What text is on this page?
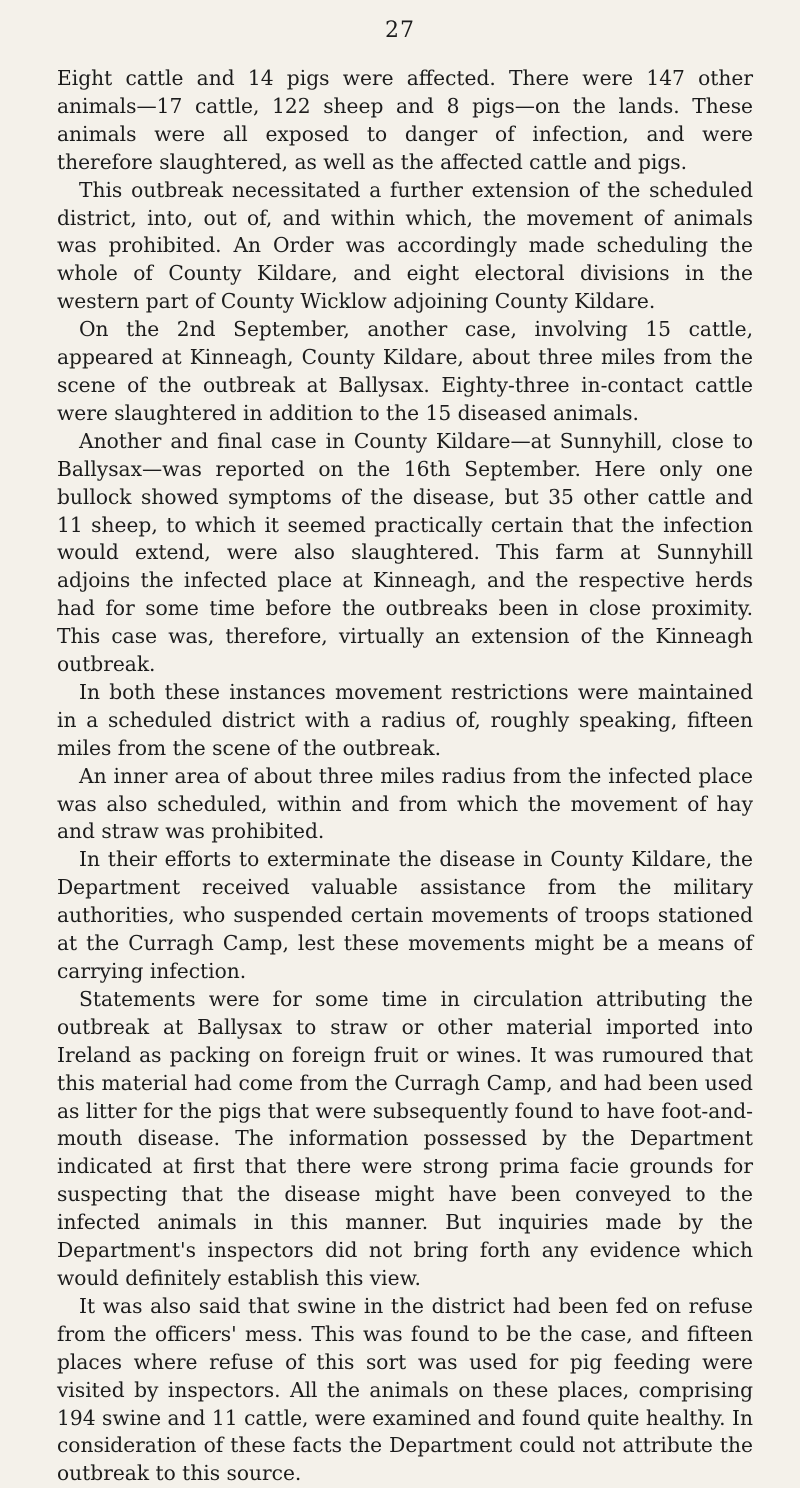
27

Eight cattle and 14 pigs were affected. There were 147 other animals—17 cattle, 122 sheep and 8 pigs—on the lands. These animals were all exposed to danger of infection, and were therefore slaughtered, as well as the affected cattle and pigs.

This outbreak necessitated a further extension of the scheduled district, into, out of, and within which, the movement of animals was prohibited. An Order was accordingly made scheduling the whole of County Kildare, and eight electoral divisions in the western part of County Wicklow adjoining County Kildare.

On the 2nd September, another case, involving 15 cattle, appeared at Kinneagh, County Kildare, about three miles from the scene of the outbreak at Ballysax. Eighty-three in-contact cattle were slaughtered in addition to the 15 diseased animals.

Another and final case in County Kildare—at Sunnyhill, close to Ballysax—was reported on the 16th September. Here only one bullock showed symptoms of the disease, but 35 other cattle and 11 sheep, to which it seemed practically certain that the infection would extend, were also slaughtered. This farm at Sunnyhill adjoins the infected place at Kinneagh, and the respective herds had for some time before the outbreaks been in close proximity. This case was, therefore, virtually an extension of the Kinneagh outbreak.

In both these instances movement restrictions were maintained in a scheduled district with a radius of, roughly speaking, fifteen miles from the scene of the outbreak.

An inner area of about three miles radius from the infected place was also scheduled, within and from which the movement of hay and straw was prohibited.

In their efforts to exterminate the disease in County Kildare, the Department received valuable assistance from the military authorities, who suspended certain movements of troops stationed at the Curragh Camp, lest these movements might be a means of carrying infection.

Statements were for some time in circulation attributing the outbreak at Ballysax to straw or other material imported into Ireland as packing on foreign fruit or wines. It was rumoured that this material had come from the Curragh Camp, and had been used as litter for the pigs that were subsequently found to have foot-and-mouth disease. The information possessed by the Department indicated at first that there were strong prima facie grounds for suspecting that the disease might have been conveyed to the infected animals in this manner. But inquiries made by the Department's inspectors did not bring forth any evidence which would definitely establish this view.

It was also said that swine in the district had been fed on refuse from the officers' mess. This was found to be the case, and fifteen places where refuse of this sort was used for pig feeding were visited by inspectors. All the animals on these places, comprising 194 swine and 11 cattle, were examined and found quite healthy. In consideration of these facts the Department could not attribute the outbreak to this source.
